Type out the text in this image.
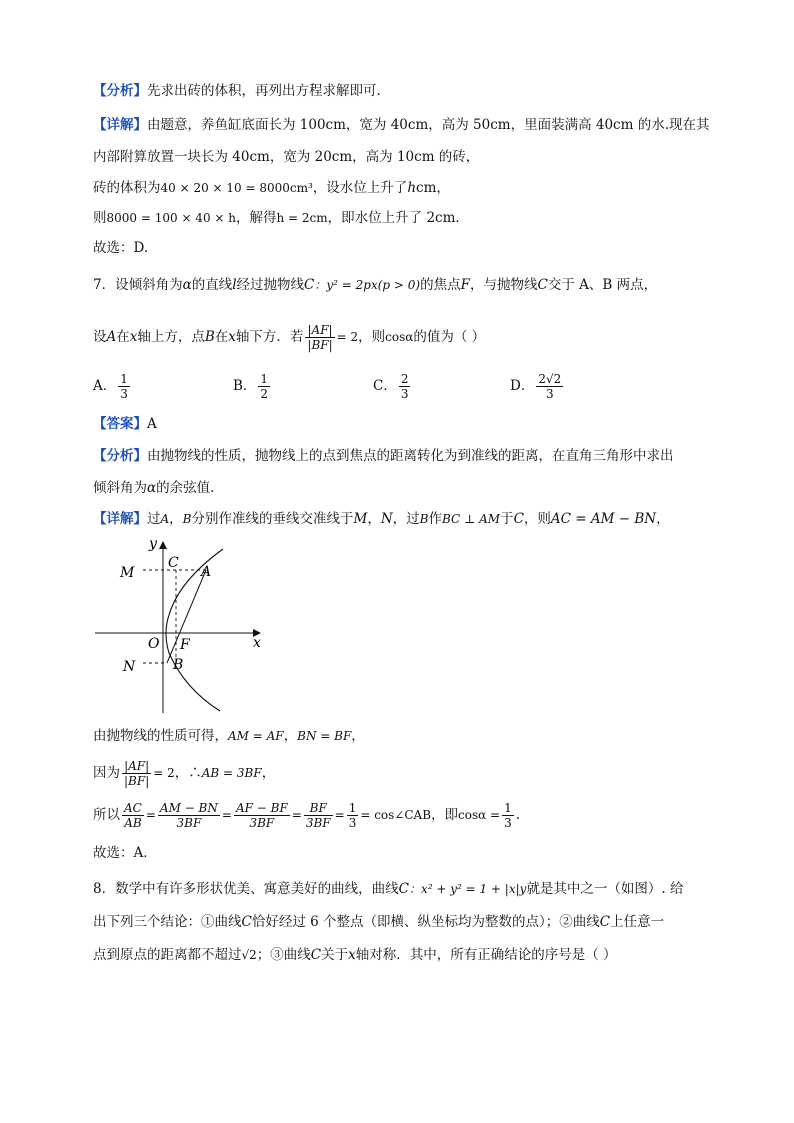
【分析】先求出砖的体积，再列出方程求解即可.
【详解】由题意，养鱼缸底面长为 100cm，宽为 40cm，高为 50cm，里面装满高 40cm 的水.现在其
内部附算放置一块长为 40cm，宽为 20cm，高为 10cm 的砖，
砖的体积为40 × 20 × 10 = 8000cm³，设水位上升了hcm，
则8000 = 100 × 40 × h，解得h = 2cm，即水位上升了 2cm．
故选：D.
7．设倾斜角为α的直线l经过抛物线C：y² = 2px(p > 0)的焦点F，与抛物线C交于 A、B 两点，
设A在x轴上方，点B在x轴下方．若 $\frac{|AF|}{|BF|} = 2$，则cosα的值为（ ）
A． $\frac{1}{3}$	B． $\frac{1}{2}$	C． $\frac{2}{3}$	D． $\frac{2√2}{3}$
【答案】A
【分析】由抛物线的性质，抛物线上的点到焦点的距离转化为到准线的距离，在直角三角形中求出
倾斜角为α的余弦值.
【详解】过A，B分别作准线的垂线交准线于M，N，过B作BC ⊥ AM于C，则AC = AM − BN，
y
x
M
C
A
O F
N	B
由抛物线的性质可得，AM = AF，BN = BF，
因为 $\frac{|AF|}{|BF|} = 2$，∴AB = 3BF，
所以 $\frac{AC}{AB} = \frac{AM - BN}{3BF} = \frac{AF - BF}{3BF} = \frac{BF}{3BF} = \frac{1}{3}$ = cos∠CAB，即$\cos\alpha = \frac{1}{3}$ .
故选：A．
8．数学中有许多形状优美、寓意美好的曲线，曲线C：x² + y² = 1 + |x|y就是其中之一（如图）. 给
出下列三个结论：①曲线C恰好经过 6 个整点（即横、纵坐标均为整数的点）；②曲线C上任意一
点到原点的距离都不超过√2；③曲线C关于x轴对称．其中，所有正确结论的序号是（ ）
